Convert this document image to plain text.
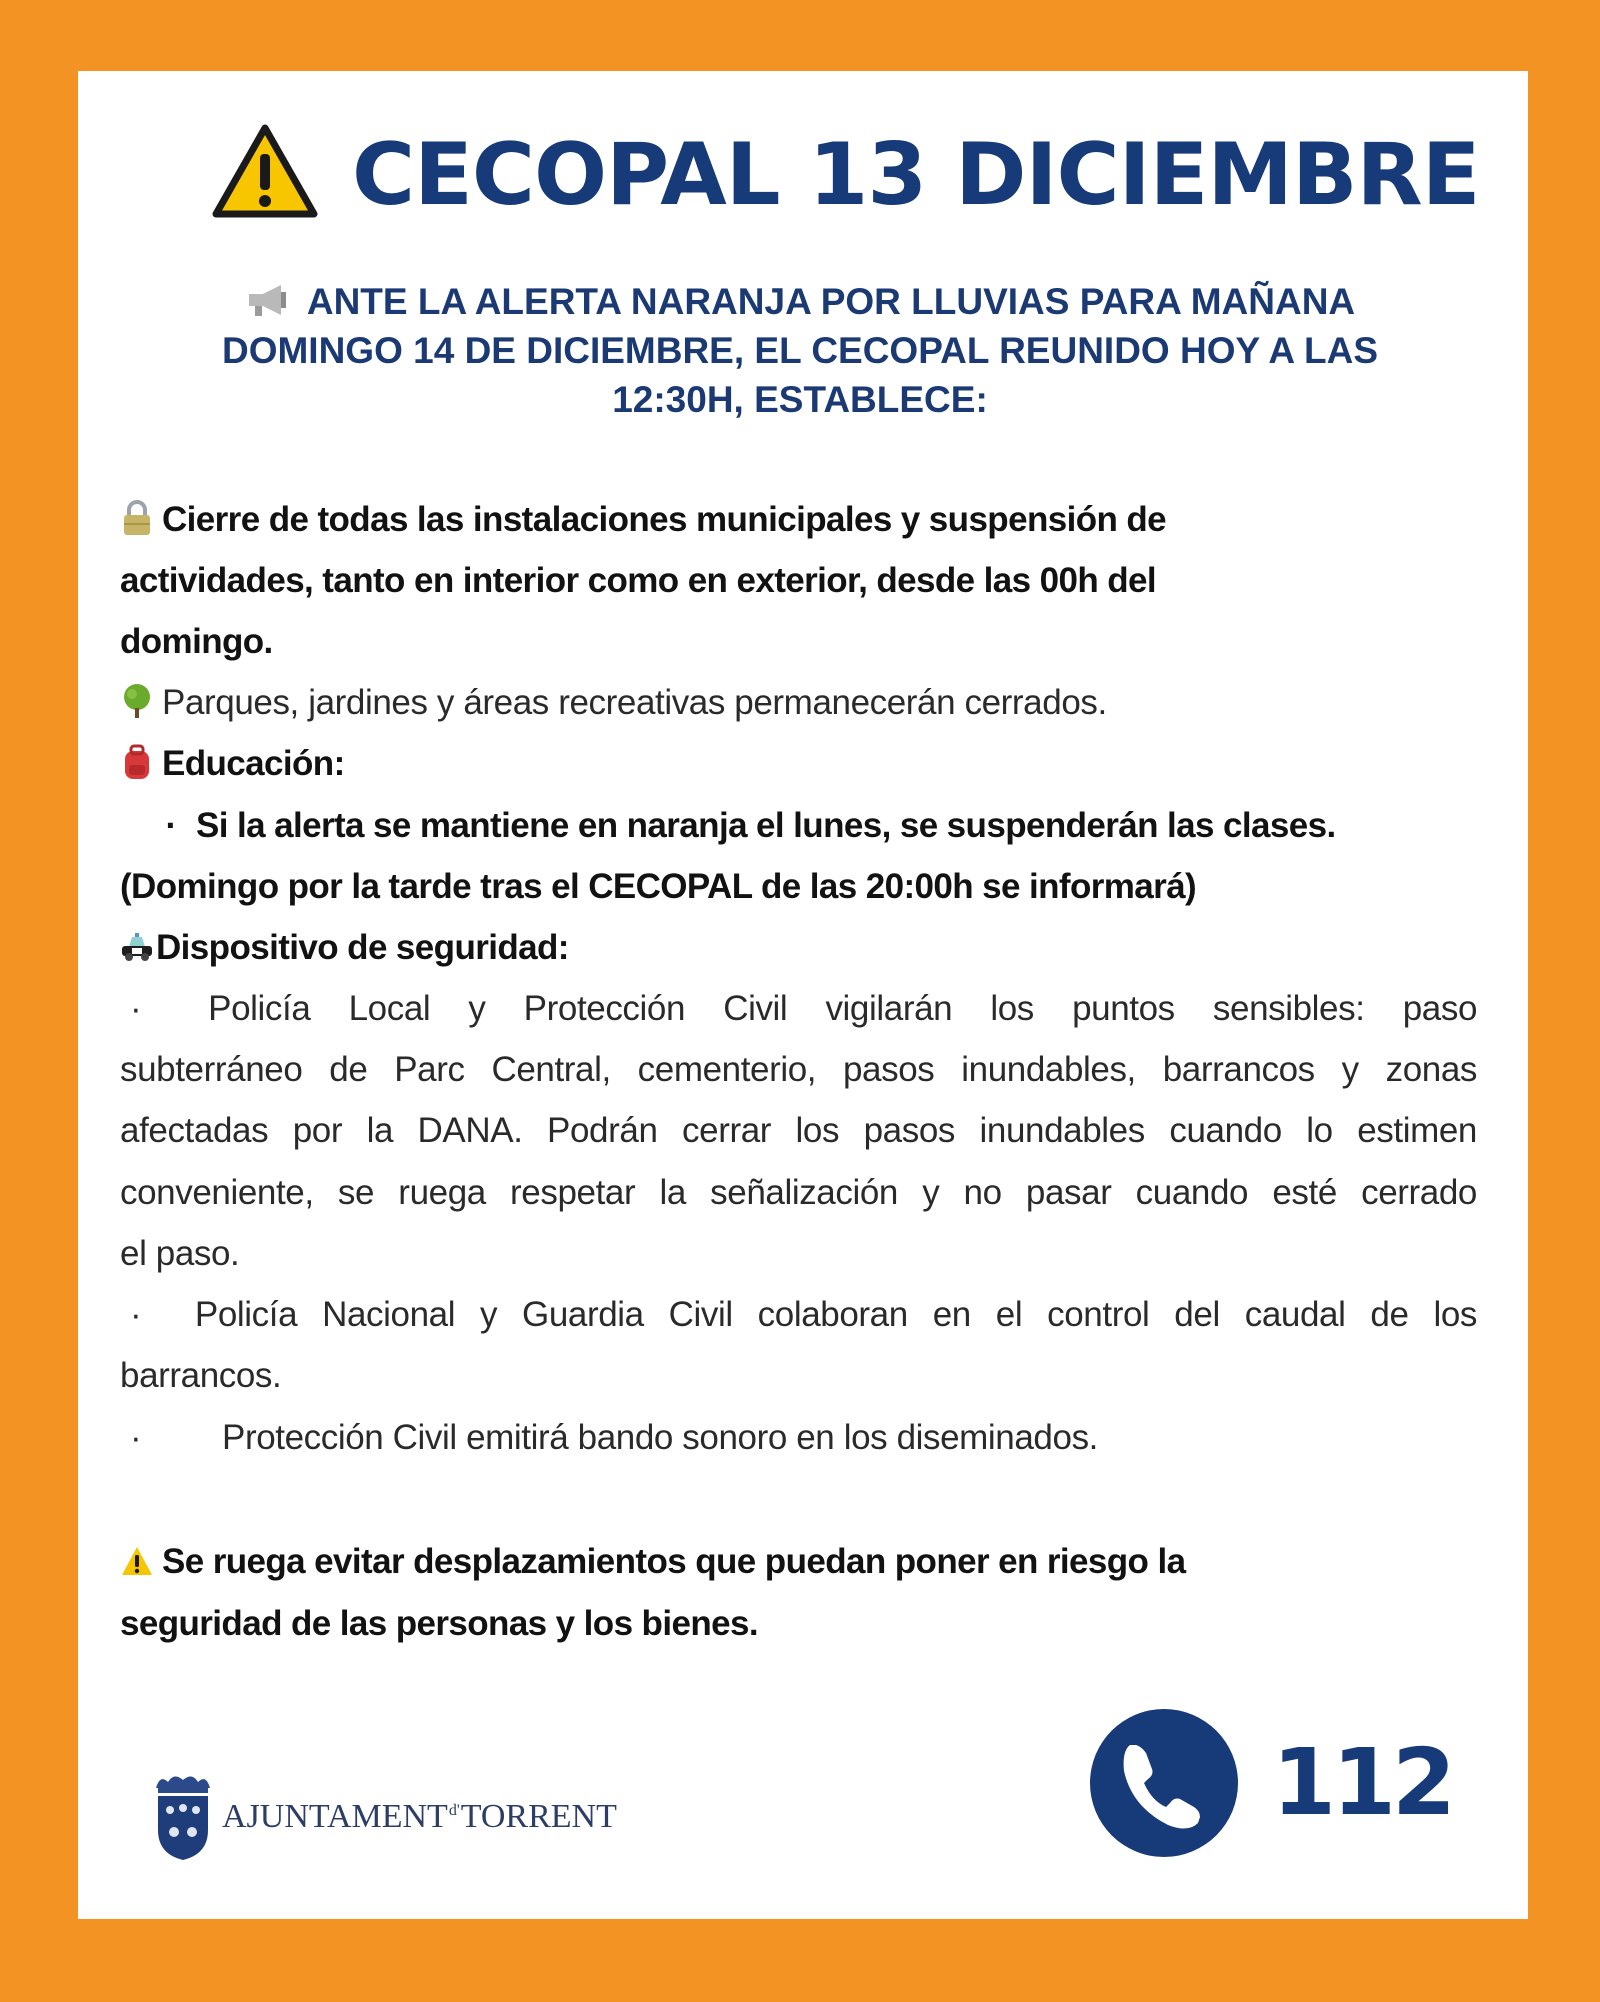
CECOPAL 13 DICIEMBRE
ANTE LA ALERTA NARANJA POR LLUVIAS PARA MAÑANA
DOMINGO 14 DE DICIEMBRE, EL CECOPAL REUNIDO HOY A LAS
12:30H, ESTABLECE:
Cierre de todas las instalaciones municipales y suspensión de
actividades, tanto en interior como en exterior, desde las 00h del
domingo.
Parques, jardines y áreas recreativas permanecerán cerrados.
Educación:
· Si la alerta se mantiene en naranja el lunes, se suspenderán las clases.
(Domingo por la tarde tras el CECOPAL de las 20:00h se informará)
Dispositivo de seguridad:
· Policía Local y Protección Civil vigilarán los puntos sensibles: paso
subterráneo de Parc Central, cementerio, pasos inundables, barrancos y zonas
afectadas por la DANA. Podrán cerrar los pasos inundables cuando lo estimen
conveniente, se ruega respetar la señalización y no pasar cuando esté cerrado
el paso.
· Policía Nacional y Guardia Civil colaboran en el control del caudal de los
barrancos.
· Protección Civil emitirá bando sonoro en los diseminados.
Se ruega evitar desplazamientos que puedan poner en riesgo la
seguridad de las personas y los bienes.
$AJUNTAMENT^{d'}TORRENT$	112
